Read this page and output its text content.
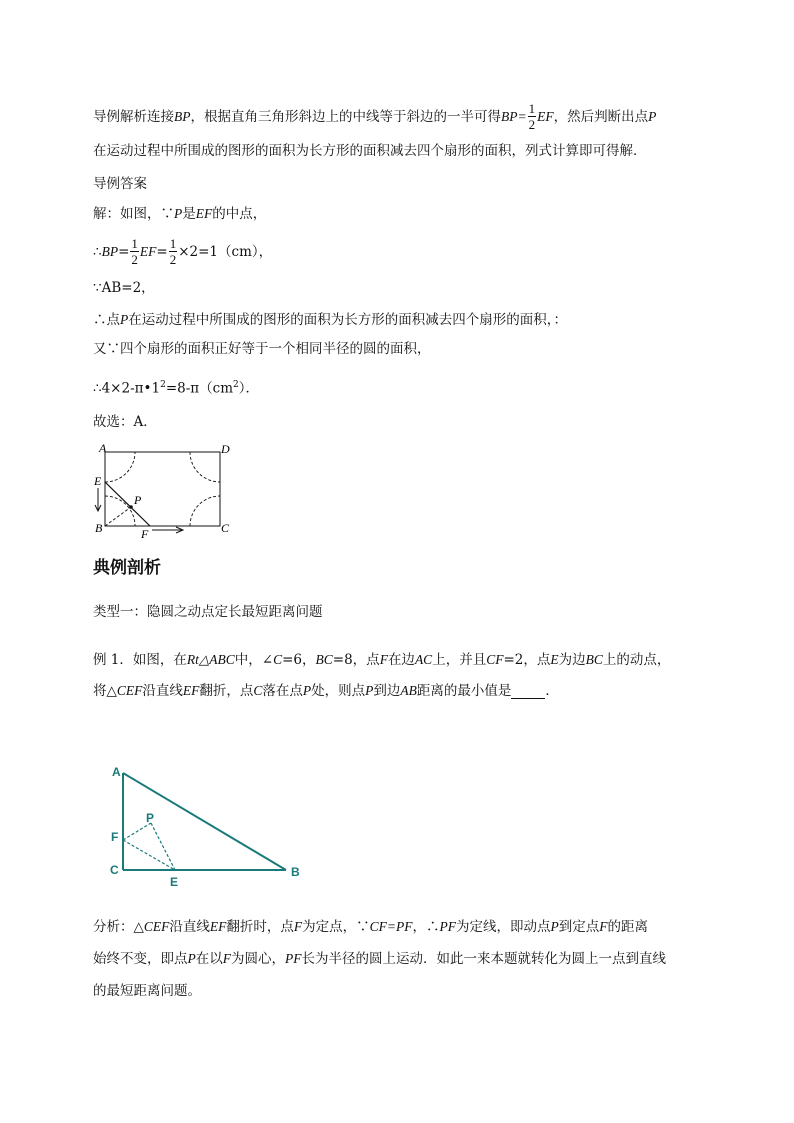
导例解析连接BP，根据直角三角形斜边上的中线等于斜边的一半可得$BP= \frac{1}{2}$ EF，然后判断出点P
在运动过程中所围成的图形的面积为长方形的面积减去四个扇形的面积，列式计算即可得解．
导例答案
解：如图，∵P是EF的中点，
∴BP= $\frac{1}{2} EF= \frac{1}{2} \times 2=1(cm)$，
∵AB=2，
∴点P在运动过程中所围成的图形的面积为长方形的面积减去四个扇形的面积，：
又∵四个扇形的面积正好等于一个相同半径的圆的面积，
$\therefore 4\times 2-\pi•1^2=8-\pi(cm^2)$．
故选：A．
A	D
E
P
B	F	C
典例剖析
类型一：隐圆之动点定长最短距离问题
例 1．如图，在Rt△ABC中，∠C=6，BC=8，点F在边AC上，并且CF=2，点E为边BC上的动点，
将△CEF沿直线EF翻折，点C落在点P处，则点P到边AB距离的最小值是	．
A
P
F
C
E
B
分析：△CEF沿直线EF翻折时，点F为定点，∵CF=PF，∴PF为定线，即动点P到定点F的距离
始终不变，即点P在以F为圆心，PF长为半径的圆上运动．如此一来本题就转化为圆上一点到直线
的最短距离问题。
